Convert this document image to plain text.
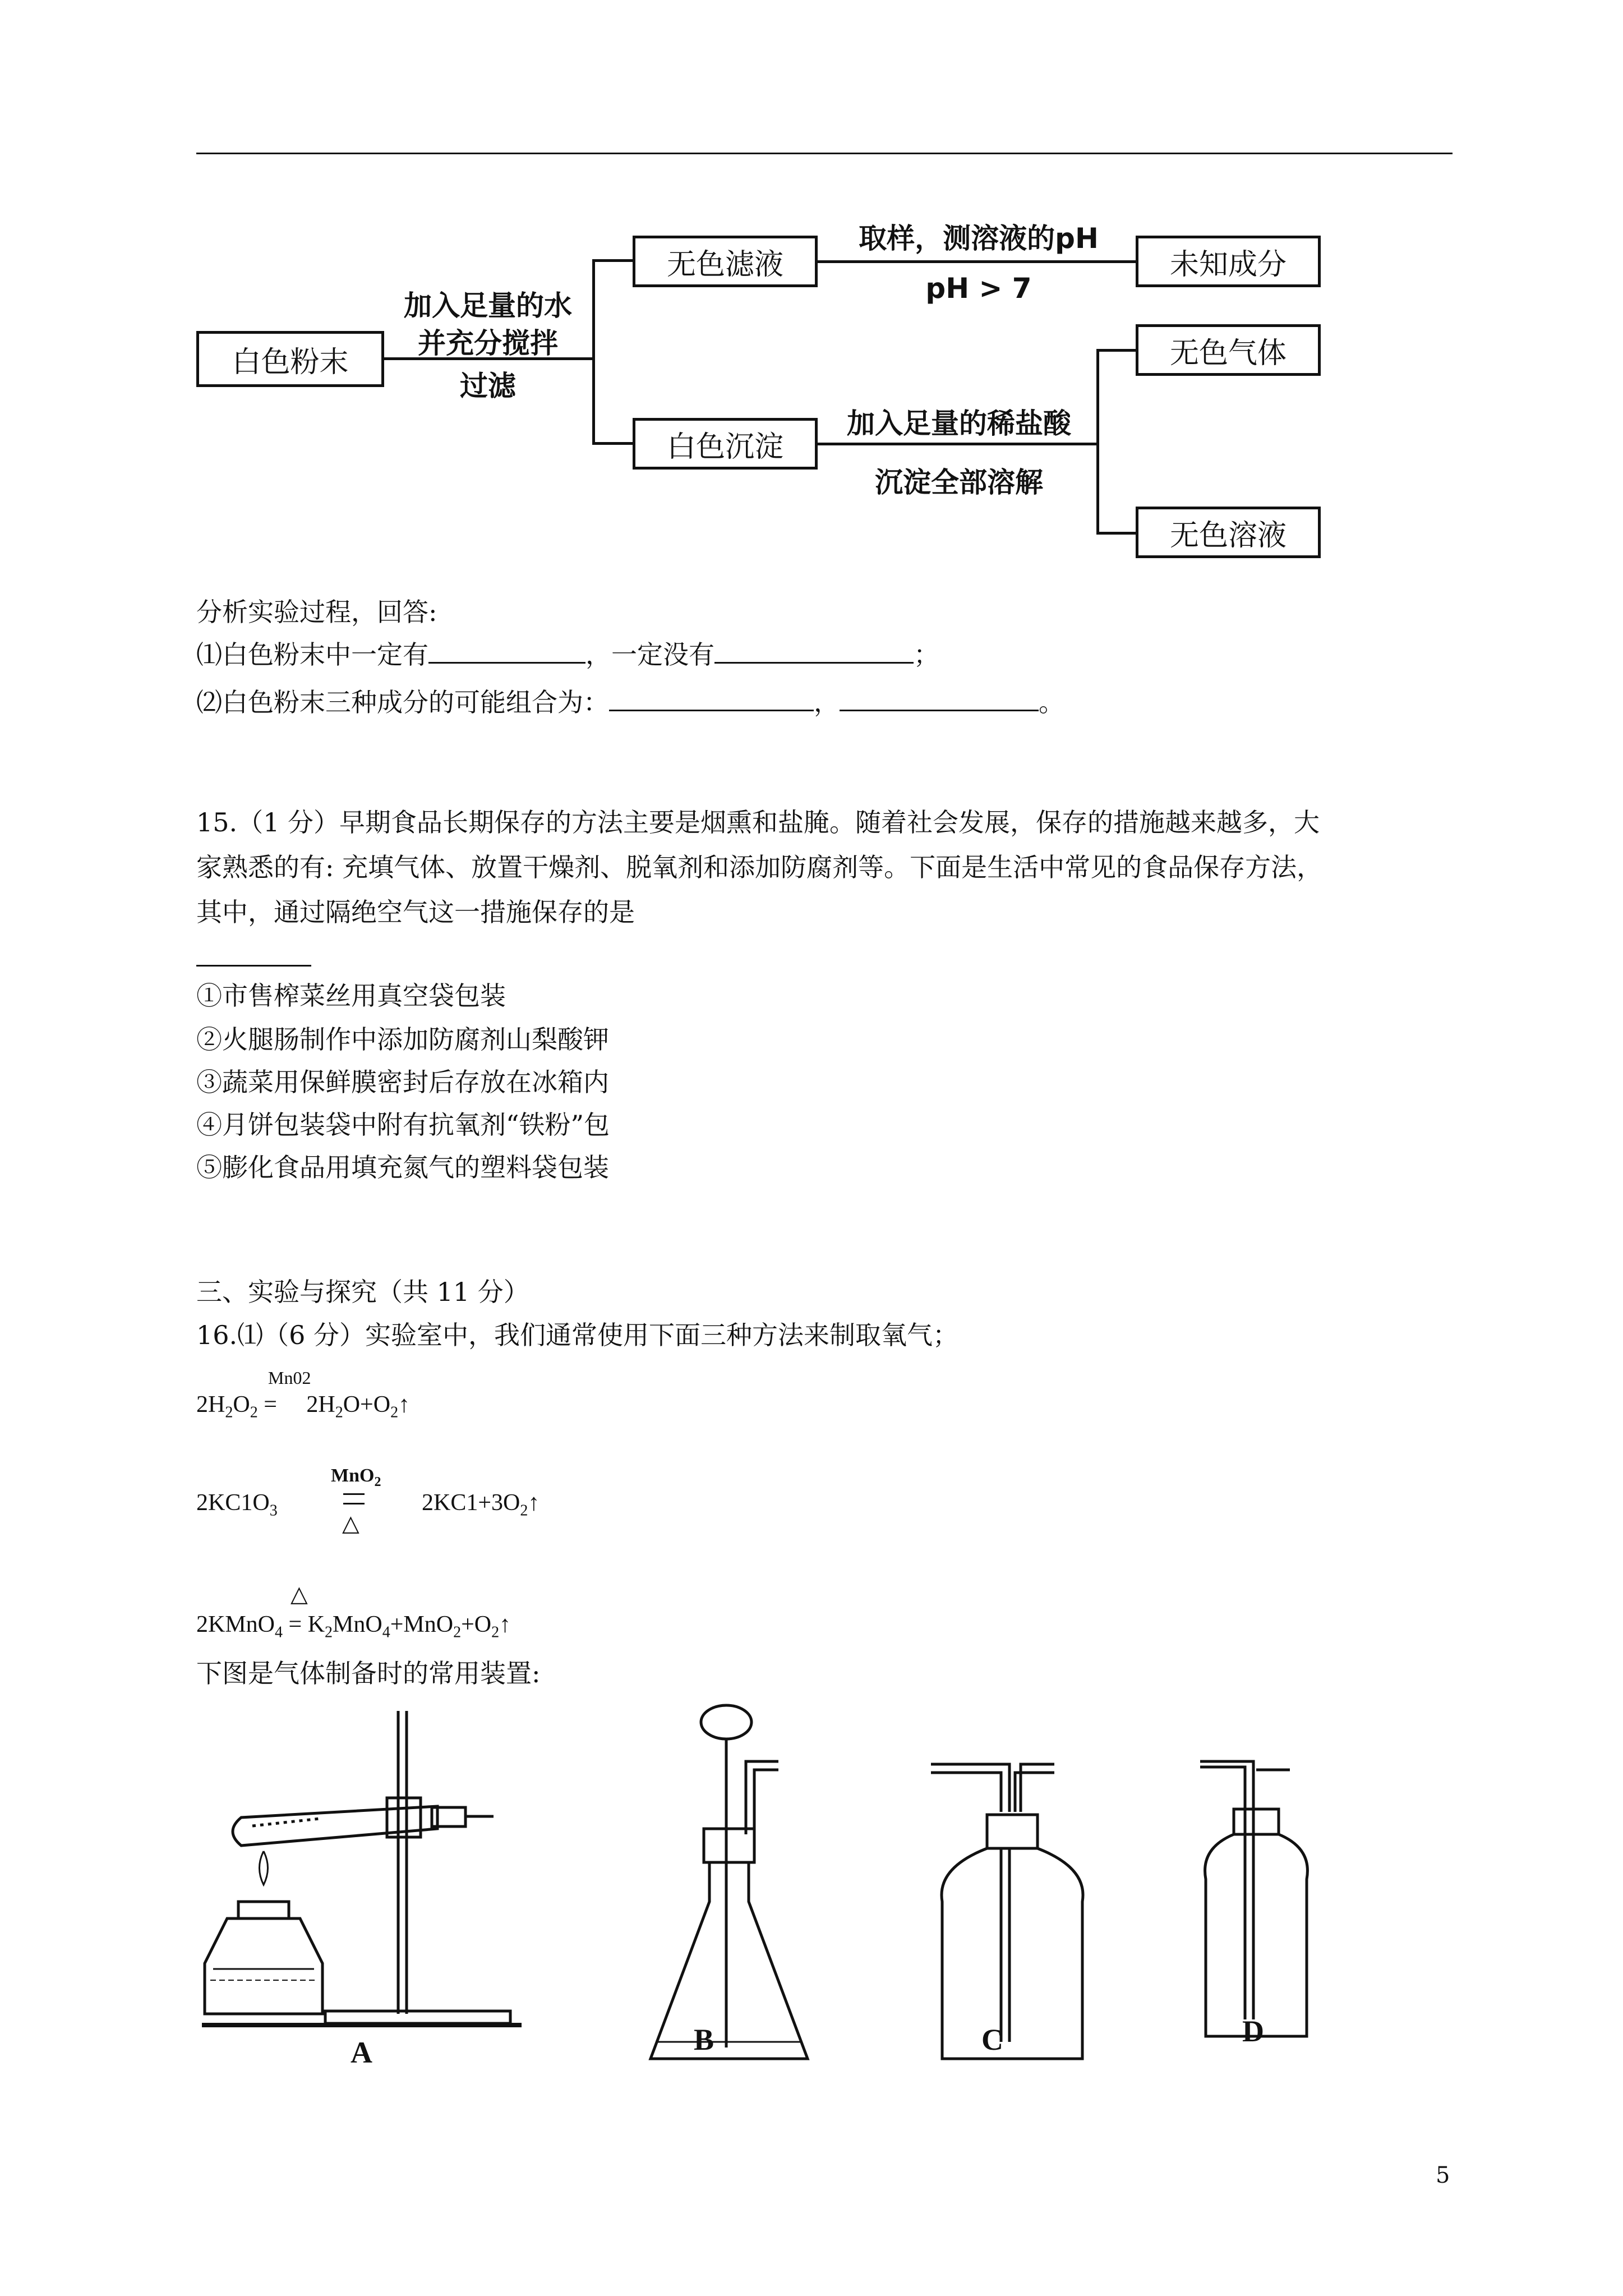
白色粉末
加入足量的水
并充分搅拌
过滤
无色滤液
取样，测溶液的pH
pH > 7
未知成分
白色沉淀
加入足量的稀盐酸
沉淀全部溶解
无色气体
无色溶液
分析实验过程，回答:
⑴白色粉末中一定有	，一定没有	；
⑵白色粉末三种成分的可能组合为：	，	。
15.（1 分）早期食品长期保存的方法主要是烟熏和盐腌。随着社会发展，保存的措施越来越多，大
家熟悉的有: 充填气体、放置干燥剂、脱氧剂和添加防腐剂等。下面是生活中常见的食品保存方法，
其中，通过隔绝空气这一措施保存的是
①市售榨菜丝用真空袋包装
②火腿肠制作中添加防腐剂山梨酸钾
③蔬菜用保鲜膜密封后存放在冰箱内
④月饼包装袋中附有抗氧剂“铁粉”包
⑤膨化食品用填充氮气的塑料袋包装
三、实验与探究（共 11 分）
16.⑴（6 分）实验室中，我们通常使用下面三种方法来制取氧气；
Mn02
$2H_2O_2$ =     $2H_2O+O_2↑$
$2KC1O_3$
MnO$_2$
△
$2KC1+3O_2↑$
△
2KMnO$_4$ = $K_2MnO_4+MnO_2+O_2↑$
下图是气体制备时的常用装置:
A	B	C	D
5
